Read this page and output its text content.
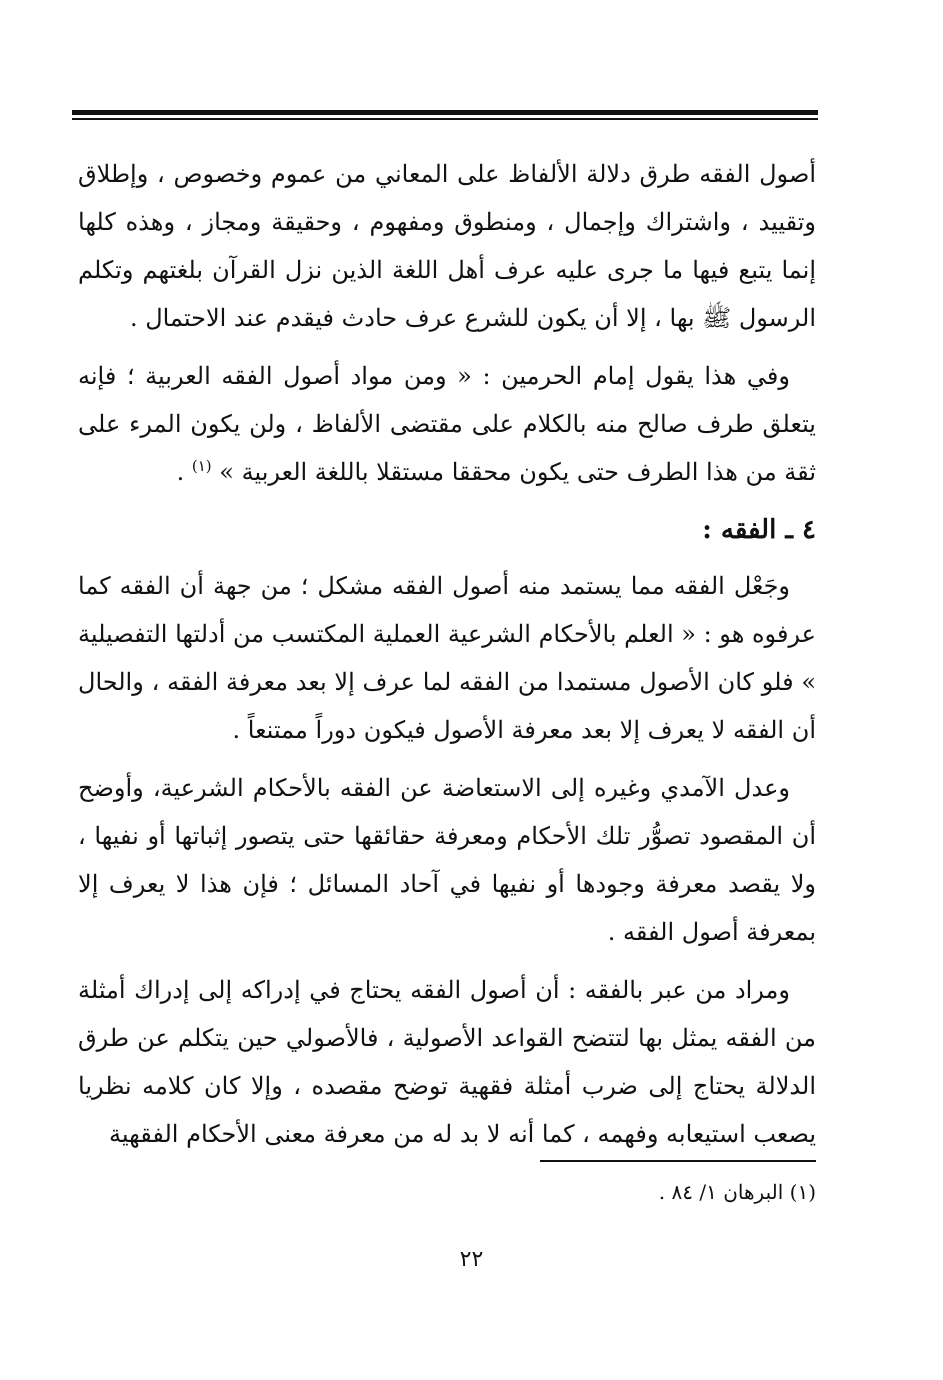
أصول الفقه طرق دلالة الألفاظ على المعاني من عموم وخصوص ، وإطلاق وتقييد ، واشتراك وإجمال ، ومنطوق ومفهوم ، وحقيقة ومجاز ، وهذه كلها إنما يتبع فيها ما جرى عليه عرف أهل اللغة الذين نزل القرآن بلغتهم وتكلم الرسول ﷺ بها ، إلا أن يكون للشرع عرف حادث فيقدم عند الاحتمال .

وفي هذا يقول إمام الحرمين : « ومن مواد أصول الفقه العربية ؛ فإنه يتعلق طرف صالح منه بالكلام على مقتضى الألفاظ ، ولن يكون المرء على ثقة من هذا الطرف حتى يكون محققا مستقلا باللغة العربية » $^{(١)}$ .

٤ ـ الفقه :

وجَعْل الفقه مما يستمد منه أصول الفقه مشكل ؛ من جهة أن الفقه كما عرفوه هو : « العلم بالأحكام الشرعية العملية المكتسب من أدلتها التفصيلية » فلو كان الأصول مستمدا من الفقه لما عرف إلا بعد معرفة الفقه ، والحال أن الفقه لا يعرف إلا بعد معرفة الأصول فيكون دوراً ممتنعاً .

وعدل الآمدي وغيره إلى الاستعاضة عن الفقه بالأحكام الشرعية، وأوضح أن المقصود تصوُّر تلك الأحكام ومعرفة حقائقها حتى يتصور إثباتها أو نفيها ، ولا يقصد معرفة وجودها أو نفيها في آحاد المسائل ؛ فإن هذا لا يعرف إلا بمعرفة أصول الفقه .

ومراد من عبر بالفقه : أن أصول الفقه يحتاج في إدراكه إلى إدراك أمثلة من الفقه يمثل بها لتتضح القواعد الأصولية ، فالأصولي حين يتكلم عن طرق الدلالة يحتاج إلى ضرب أمثلة فقهية توضح مقصده ، وإلا كان كلامه نظريا يصعب استيعابه وفهمه ، كما أنه لا بد له من معرفة معنى الأحكام الفقهية

(١) البرهان ١/ ٨٤ .
٢٢
